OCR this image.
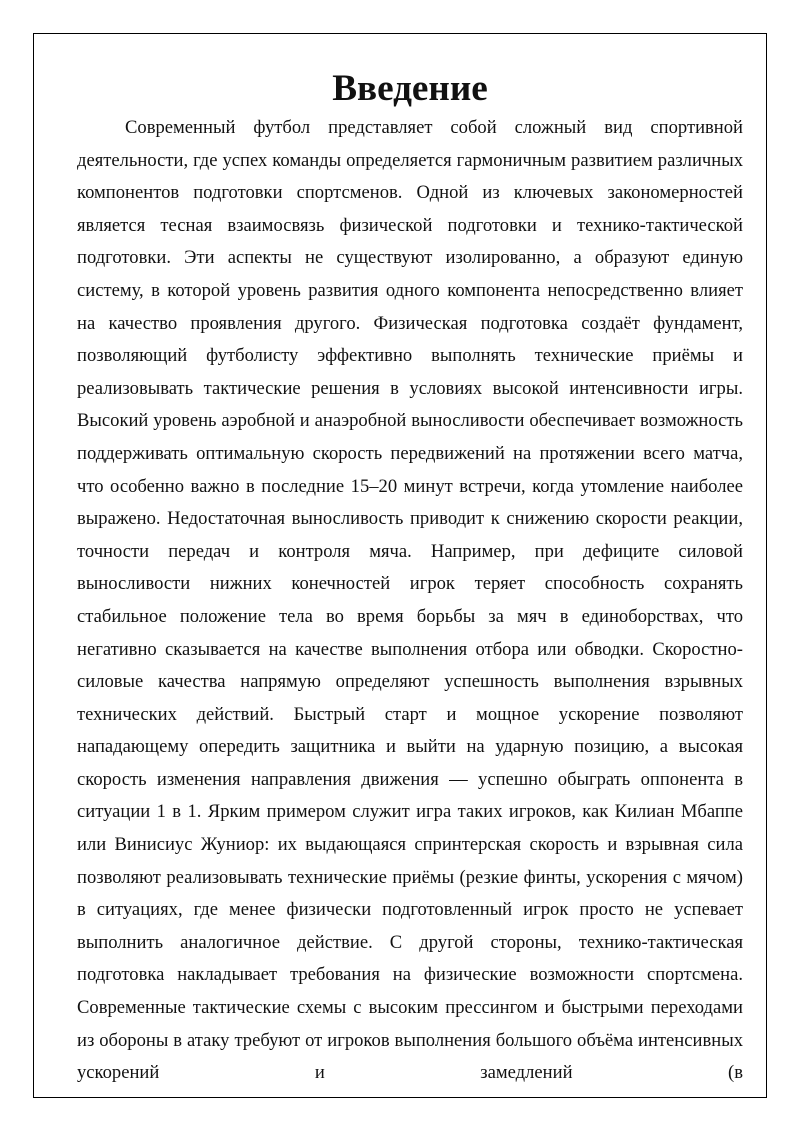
Введение

Современный футбол представляет собой сложный вид спортивной деятельности, где успех команды определяется гармоничным развитием различных компонентов подготовки спортсменов. Одной из ключевых закономерностей является тесная взаимосвязь физической подготовки и технико-тактической подготовки. Эти аспекты не существуют изолированно, а образуют единую систему, в которой уровень развития одного компонента непосредственно влияет на качество проявления другого. Физическая подготовка создаёт фундамент, позволяющий футболисту эффективно выполнять технические приёмы и реализовывать тактические решения в условиях высокой интенсивности игры. Высокий уровень аэробной и анаэробной выносливости обеспечивает возможность поддерживать оптимальную скорость передвижений на протяжении всего матча, что особенно важно в последние 15–20 минут встречи, когда утомление наиболее выражено. Недостаточная выносливость приводит к снижению скорости реакции, точности передач и контроля мяча. Например, при дефиците силовой выносливости нижних конечностей игрок теряет способность сохранять стабильное положение тела во время борьбы за мяч в единоборствах, что негативно сказывается на качестве выполнения отбора или обводки. Скоростно-силовые качества напрямую определяют успешность выполнения взрывных технических действий. Быстрый старт и мощное ускорение позволяют нападающему опередить защитника и выйти на ударную позицию, а высокая скорость изменения направления движения — успешно обыграть оппонента в ситуации 1 в 1. Ярким примером служит игра таких игроков, как Килиан Мбаппе или Винисиус Жуниор: их выдающаяся спринтерская скорость и взрывная сила позволяют реализовывать технические приёмы (резкие финты, ускорения с мячом) в ситуациях, где менее физически подготовленный игрок просто не успевает выполнить аналогичное действие. С другой стороны, технико-тактическая подготовка накладывает требования на физические возможности спортсмена. Современные тактические схемы с высоким прессингом и быстрыми переходами из обороны в атаку требуют от игроков выполнения большого объёма интенсивных ускорений и замедлений (в
